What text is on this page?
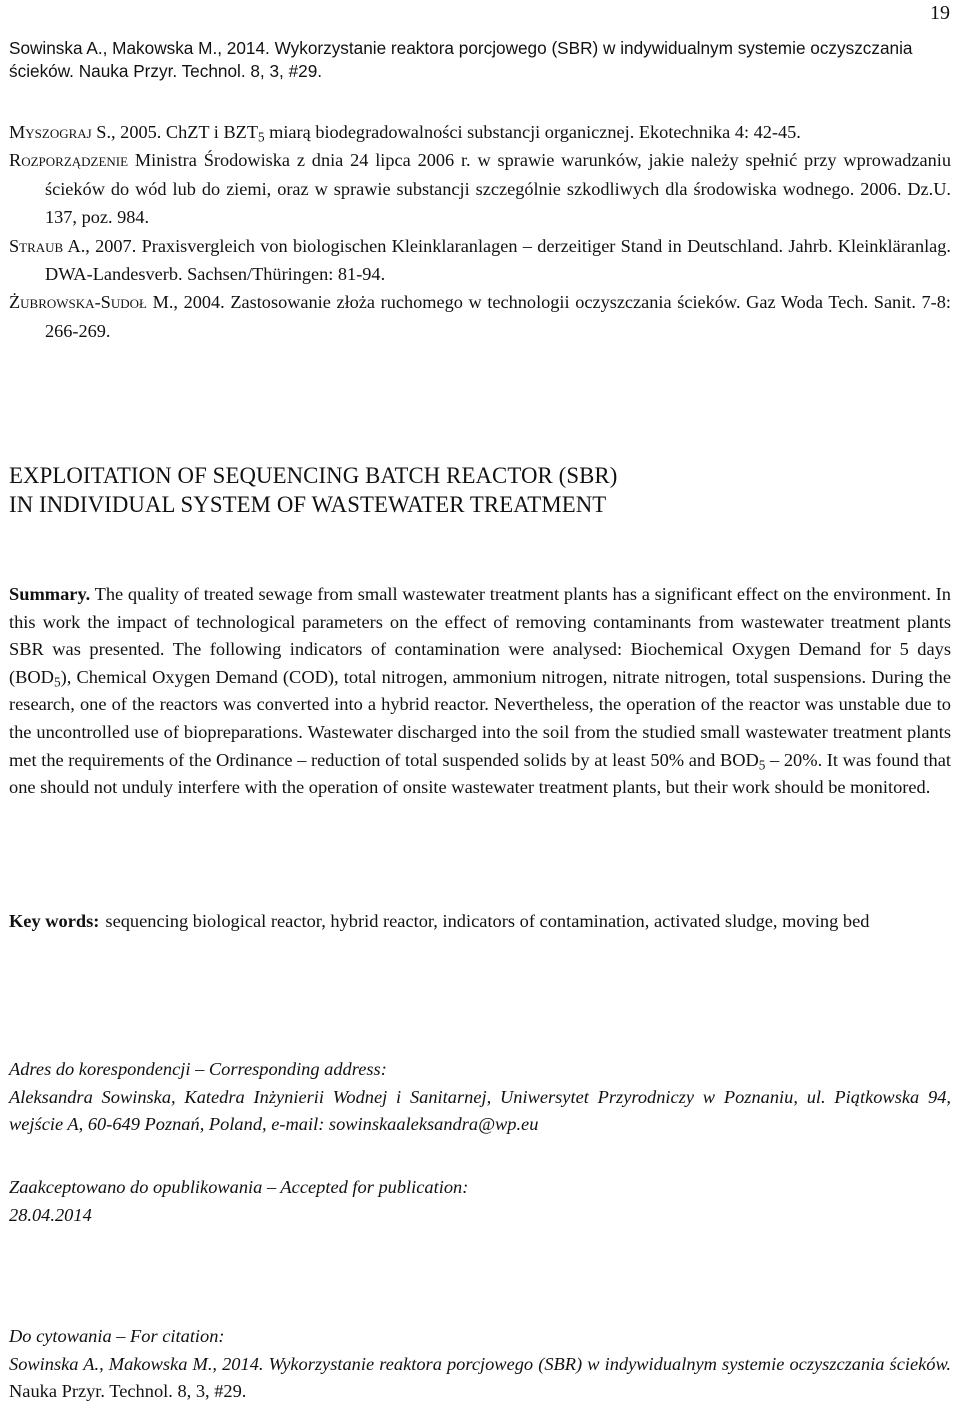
19
Sowinska A., Makowska M., 2014. Wykorzystanie reaktora porcjowego (SBR) w indywidualnym systemie oczyszczania ścieków. Nauka Przyr. Technol. 8, 3, #29.
Myszograj S., 2005. ChZT i $BZT_5$ miarą biodegradowalności substancji organicznej. Ekotechnika 4: 42-45.
Rozporządzenie Ministra Środowiska z dnia 24 lipca 2006 r. w sprawie warunków, jakie należy spełnić przy wprowadzaniu ścieków do wód lub do ziemi, oraz w sprawie substancji szczególnie szkodliwych dla środowiska wodnego. 2006. Dz.U. 137, poz. 984.
Straub A., 2007. Praxisvergleich von biologischen Kleinklaranlagen – derzeitiger Stand in Deutschland. Jahrb. Kleinkläranlag. DWA-Landesverb. Sachsen/Thüringen: 81-94.
Żubrowska-Sudoł M., 2004. Zastosowanie złoża ruchomego w technologii oczyszczania ścieków. Gaz Woda Tech. Sanit. 7-8: 266-269.
EXPLOITATION OF SEQUENCING BATCH REACTOR (SBR)
IN INDIVIDUAL SYSTEM OF WASTEWATER TREATMENT
Summary. The quality of treated sewage from small wastewater treatment plants has a significant effect on the environment. In this work the impact of technological parameters on the effect of removing contaminants from wastewater treatment plants SBR was presented. The following indicators of contamination were analysed: Biochemical Oxygen Demand for 5 days $(BOD_5)$, Chemical Oxygen Demand (COD), total nitrogen, ammonium nitrogen, nitrate nitrogen, total suspensions. During the research, one of the reactors was converted into a hybrid reactor. Nevertheless, the operation of the reactor was unstable due to the uncontrolled use of biopreparations. Wastewater discharged into the soil from the studied small wastewater treatment plants met the requirements of the Ordinance – reduction of total suspended solids by at least 50% and $BOD_5 - 20\%$. It was found that one should not unduly interfere with the operation of onsite wastewater treatment plants, but their work should be monitored.
Key words: sequencing biological reactor, hybrid reactor, indicators of contamination, activated sludge, moving bed
Adres do korespondencji – Corresponding address:
Aleksandra Sowinska, Katedra Inżynierii Wodnej i Sanitarnej, Uniwersytet Przyrodniczy w Poznaniu, ul. Piątkowska 94, wejście A, 60-649 Poznań, Poland, e-mail: sowinskaaleksandra@wp.eu
Zaakceptowano do opublikowania – Accepted for publication:
28.04.2014
Do cytowania – For citation:
Sowinska A., Makowska M., 2014. Wykorzystanie reaktora porcjowego (SBR) w indywidualnym systemie oczyszczania ścieków. Nauka Przyr. Technol. 8, 3, #29.
